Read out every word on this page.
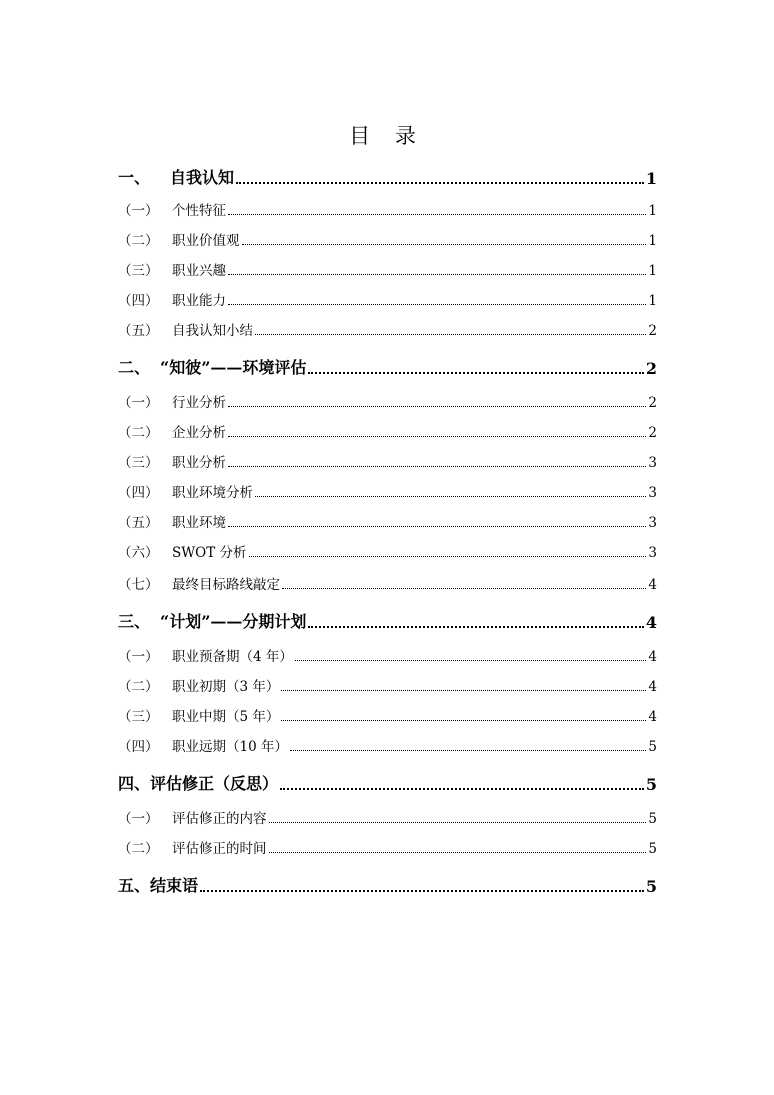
目 录
一、 自我认知	1
（一）	个性特征	1
（二）	职业价值观	1
（三）	职业兴趣	1
（四）	职业能力	1
（五）	自我认知小结	2
二、 “知彼”——环境评估	2
（一）	行业分析	2
（二）	企业分析	2
（三）	职业分析	3
（四）	职业环境分析	3
（五）	职业环境	3
（六）	SWOT 分析	3
（七）	最终目标路线敲定	4
三、 “计划”——分期计划	4
（一）	职业预备期（4 年）	4
（二）	职业初期（3 年）	4
（三）	职业中期（5 年）	4
（四）	职业远期（10 年）	5
四、 评估修正（反思）	5
（一）	评估修正的内容	5
（二）	评估修正的时间	5
五、 结束语	5
